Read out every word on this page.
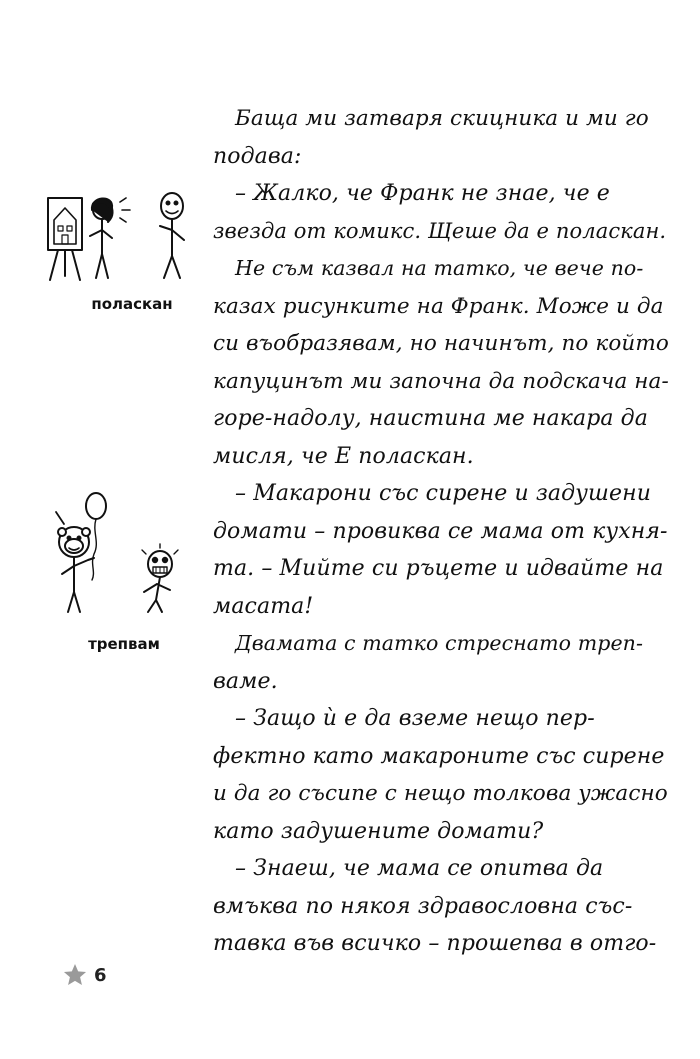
поласкан
трепвам

Баща ми затваря скицника и ми го
подава:

– Жалко, че Франк не знае, че е
звезда от комикс. Щеше да е поласкан.

Не съм казвал на татко, че вече по-
казах рисунките на Франк. Може и да
си въобразявам, но начинът, по който
капуцинът ми започна да подскача на-
горе-надолу, наистина ме накара да
мисля, че Е поласкан.

– Макарони със сирене и задушени
домати – провиква се мама от кухня-
та. – Мийте си ръцете и идвайте на
масата!

Двамата с татко стреснато треп-
ваме.

– Защо ѝ е да вземе нещо пер-
фектно като макароните със сирене
и да го съсипе с нещо толкова ужасно
като задушените домати?

– Знаеш, че мама се опитва да
вмъква по някоя здравословна със-
тавка във всичко – прошепва в отго-

6
